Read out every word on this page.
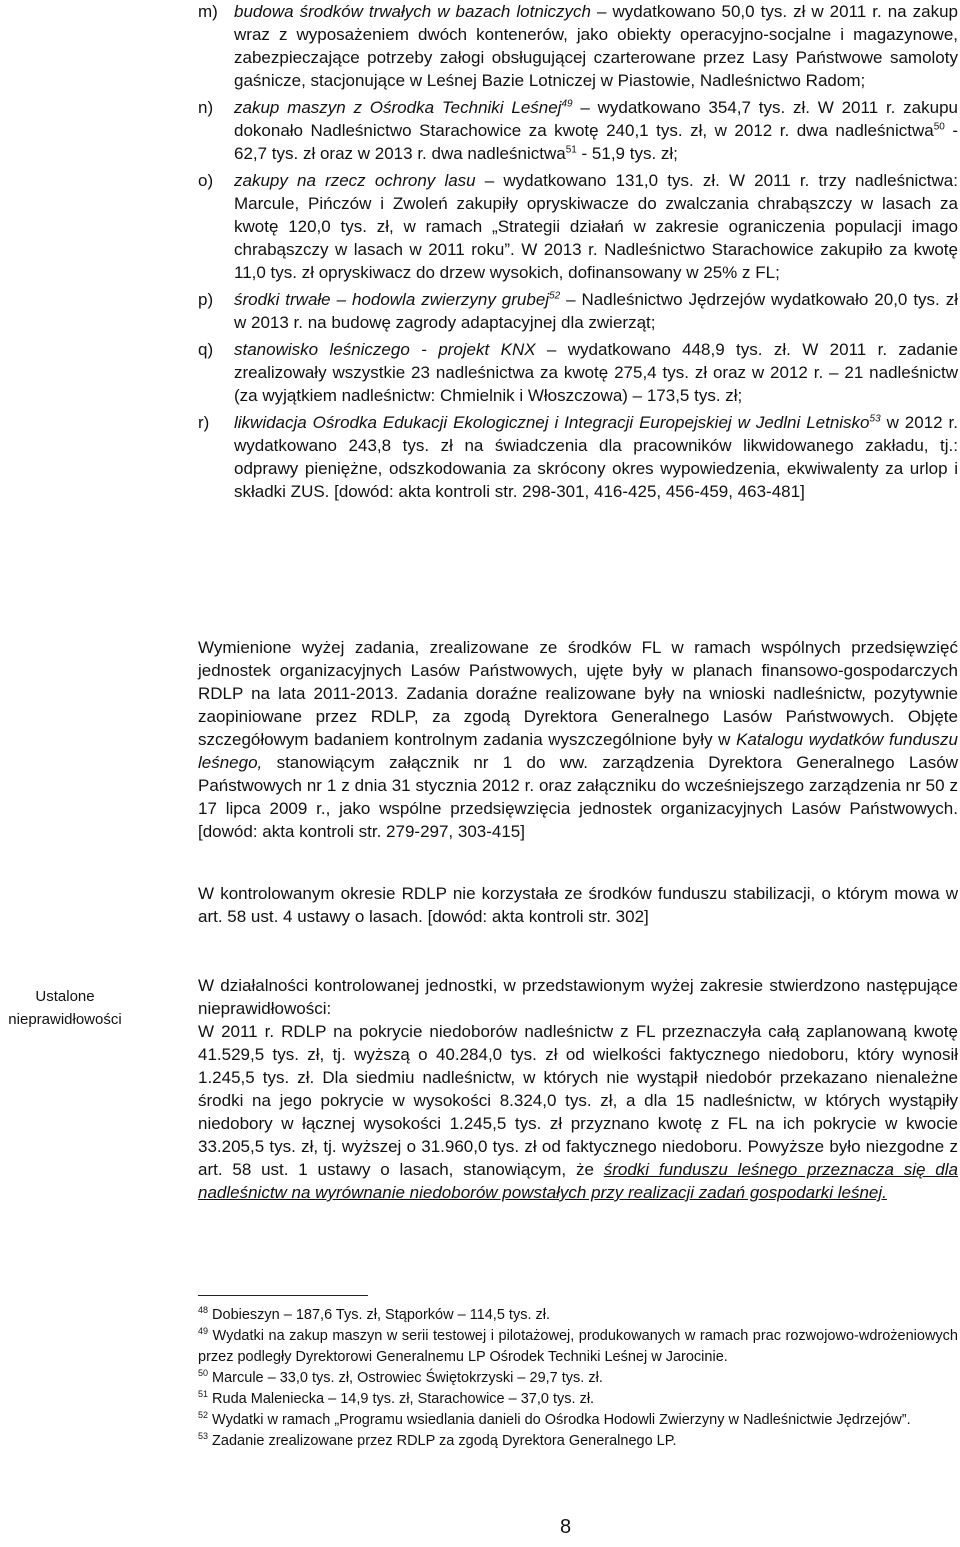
m) budowa środków trwałych w bazach lotniczych – wydatkowano 50,0 tys. zł w 2011 r. na zakup wraz z wyposażeniem dwóch kontenerów, jako obiekty operacyjno-socjalne i magazynowe, zabezpieczające potrzeby załogi obsługującej czarterowane przez Lasy Państwowe samoloty gaśnicze, stacjonujące w Leśnej Bazie Lotniczej w Piastowie, Nadleśnictwo Radom;

n) zakup maszyn z Ośrodka Techniki Leśnej$^{49}$ – wydatkowano 354,7 tys. zł. W 2011 r. zakupu dokonało Nadleśnictwo Starachowice za kwotę 240,1 tys. zł, w 2012 r. dwa nadleśnictwa$^{50}$ - 62,7 tys. zł oraz w 2013 r. dwa nadleśnictwa$^{51}$ - 51,9 tys. zł;

o) zakupy na rzecz ochrony lasu – wydatkowano 131,0 tys. zł. W 2011 r. trzy nadleśnictwa: Marcule, Pińczów i Zwoleń zakupiły opryskiwacze do zwalczania chrabąszczy w lasach za kwotę 120,0 tys. zł, w ramach „Strategii działań w zakresie ograniczenia populacji imago chrabąszczy w lasach w 2011 roku”. W 2013 r. Nadleśnictwo Starachowice zakupiło za kwotę 11,0 tys. zł opryskiwacz do drzew wysokich, dofinansowany w 25% z FL;

p) środki trwałe – hodowla zwierzyny grubej$^{52}$ – Nadleśnictwo Jędrzejów wydatkowało 20,0 tys. zł w 2013 r. na budowę zagrody adaptacyjnej dla zwierząt;

q) stanowisko leśniczego - projekt KNX – wydatkowano 448,9 tys. zł. W 2011 r. zadanie zrealizowały wszystkie 23 nadleśnictwa za kwotę 275,4 tys. zł oraz w 2012 r. – 21 nadleśnictw (za wyjątkiem nadleśnictw: Chmielnik i Włoszczowa) – 173,5 tys. zł;

r) likwidacja Ośrodka Edukacji Ekologicznej i Integracji Europejskiej w Jedlni Letnisko$^{53}$ w 2012 r. wydatkowano 243,8 tys. zł na świadczenia dla pracowników likwidowanego zakładu, tj.: odprawy pieniężne, odszkodowania za skrócony okres wypowiedzenia, ekwiwalenty za urlop i składki ZUS. [dowód: akta kontroli str. 298-301, 416-425, 456-459, 463-481]

Wymienione wyżej zadania, zrealizowane ze środków FL w ramach wspólnych przedsięwzięć jednostek organizacyjnych Lasów Państwowych, ujęte były w planach finansowo-gospodarczych RDLP na lata 2011-2013. Zadania doraźne realizowane były na wnioski nadleśnictw, pozytywnie zaopiniowane przez RDLP, za zgodą Dyrektora Generalnego Lasów Państwowych. Objęte szczegółowym badaniem kontrolnym zadania wyszczególnione były w Katalogu wydatków funduszu leśnego, stanowiącym załącznik nr 1 do ww. zarządzenia Dyrektora Generalnego Lasów Państwowych nr 1 z dnia 31 stycznia 2012 r. oraz załączniku do wcześniejszego zarządzenia nr 50 z 17 lipca 2009 r., jako wspólne przedsięwzięcia jednostek organizacyjnych Lasów Państwowych. [dowód: akta kontroli str. 279-297, 303-415]

W kontrolowanym okresie RDLP nie korzystała ze środków funduszu stabilizacji, o którym mowa w art. 58 ust. 4 ustawy o lasach. [dowód: akta kontroli str. 302]

Ustalone nieprawidłowości

W działalności kontrolowanej jednostki, w przedstawionym wyżej zakresie stwierdzono następujące nieprawidłowości:
W 2011 r. RDLP na pokrycie niedoborów nadleśnictw z FL przeznaczyła całą zaplanowaną kwotę 41.529,5 tys. zł, tj. wyższą o 40.284,0 tys. zł od wielkości faktycznego niedoboru, który wynosił 1.245,5 tys. zł. Dla siedmiu nadleśnictw, w których nie wystąpił niedobór przekazano nienależne środki na jego pokrycie w wysokości 8.324,0 tys. zł, a dla 15 nadleśnictw, w których wystąpiły niedobory w łącznej wysokości 1.245,5 tys. zł przyznano kwotę z FL na ich pokrycie w kwocie 33.205,5 tys. zł, tj. wyższej o 31.960,0 tys. zł od faktycznego niedoboru. Powyższe było niezgodne z art. 58 ust. 1 ustawy o lasach, stanowiącym, że środki funduszu leśnego przeznacza się dla nadleśnictw na wyrównanie niedoborów powstałych przy realizacji zadań gospodarki leśnej.

$^{48}$ Dobieszyn – 187,6 Tys. zł, Stąporków – 114,5 tys. zł.

$^{49}$ Wydatki na zakup maszyn w serii testowej i pilotażowej, produkowanych w ramach prac rozwojowo-wdrożeniowych przez podległy Dyrektorowi Generalnemu LP Ośrodek Techniki Leśnej w Jarocinie.

$^{50}$ Marcule – 33,0 tys. zł, Ostrowiec Świętokrzyski – 29,7 tys. zł.

$^{51}$ Ruda Maleniecka – 14,9 tys. zł, Starachowice – 37,0 tys. zł.

$^{52}$ Wydatki w ramach „Programu wsiedlania danieli do Ośrodka Hodowli Zwierzyny w Nadleśnictwie Jędrzejów”.

$^{53}$ Zadanie zrealizowane przez RDLP za zgodą Dyrektora Generalnego LP.

8
